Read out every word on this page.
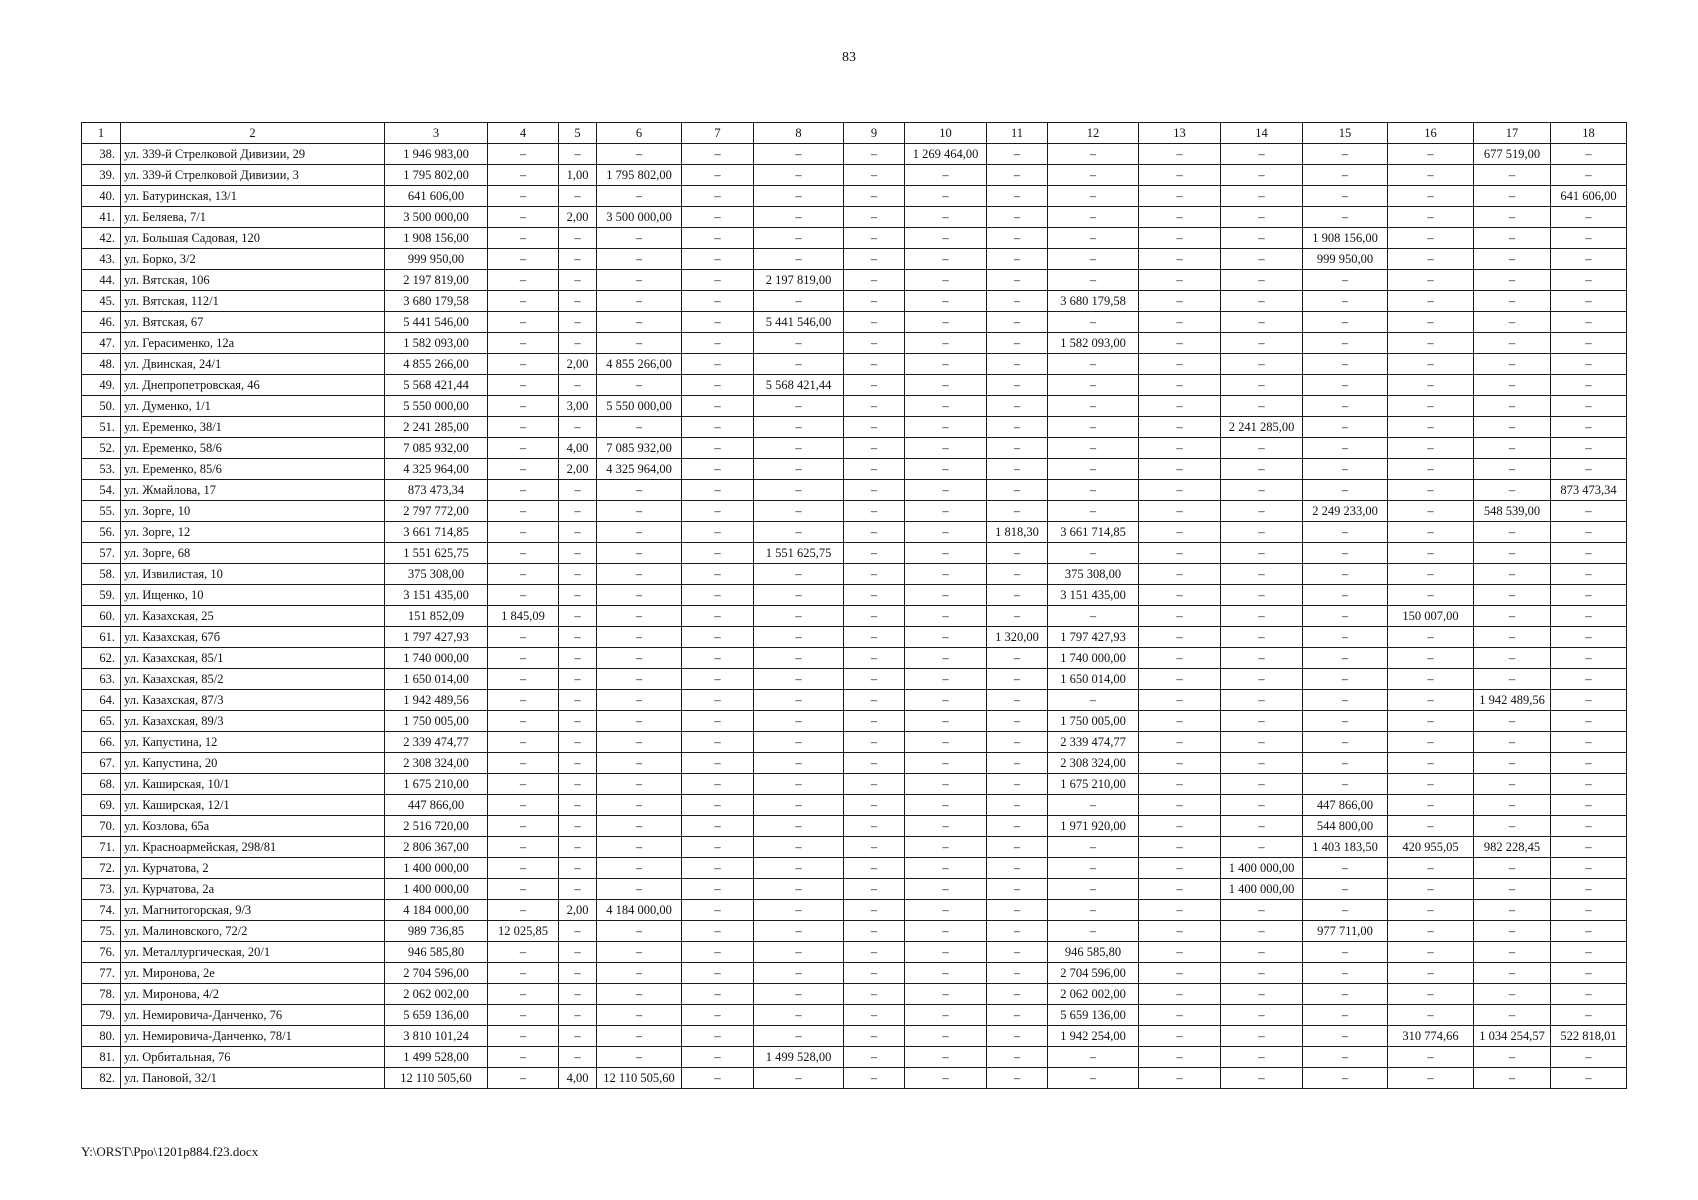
83
1	2	3	4	5	6	7	8	9	10	11	12	13	14	15	16	17	18
38.	ул. 339-й Стрелковой Дивизии, 29	1 946 983,00	–	–	–	–	–	–	1 269 464,00	–	–	–	–	–	–	677 519,00	–
39.	ул. 339-й Стрелковой Дивизии, 3	1 795 802,00	–	1,00	1 795 802,00	–	–	–	–	–	–	–	–	–	–	–	–
40.	ул. Батуринская, 13/1	641 606,00	–	–	–	–	–	–	–	–	–	–	–	–	–	–	641 606,00
41.	ул. Беляева, 7/1	3 500 000,00	–	2,00	3 500 000,00	–	–	–	–	–	–	–	–	–	–	–	–
42.	ул. Большая Садовая, 120	1 908 156,00	–	–	–	–	–	–	–	–	–	–	–	1 908 156,00	–	–	–
43.	ул. Борко, 3/2	999 950,00	–	–	–	–	–	–	–	–	–	–	–	999 950,00	–	–	–
44.	ул. Вятская, 106	2 197 819,00	–	–	–	–	2 197 819,00	–	–	–	–	–	–	–	–	–	–
45.	ул. Вятская, 112/1	3 680 179,58	–	–	–	–	–	–	–	–	3 680 179,58	–	–	–	–	–	–
46.	ул. Вятская, 67	5 441 546,00	–	–	–	–	5 441 546,00	–	–	–	–	–	–	–	–	–	–
47.	ул. Герасименко, 12а	1 582 093,00	–	–	–	–	–	–	–	–	1 582 093,00	–	–	–	–	–	–
48.	ул. Двинская, 24/1	4 855 266,00	–	2,00	4 855 266,00	–	–	–	–	–	–	–	–	–	–	–	–
49.	ул. Днепропетровская, 46	5 568 421,44	–	–	–	–	5 568 421,44	–	–	–	–	–	–	–	–	–	–
50.	ул. Думенко, 1/1	5 550 000,00	–	3,00	5 550 000,00	–	–	–	–	–	–	–	–	–	–	–	–
51.	ул. Еременко, 38/1	2 241 285,00	–	–	–	–	–	–	–	–	–	–	2 241 285,00	–	–	–	–
52.	ул. Еременко, 58/6	7 085 932,00	–	4,00	7 085 932,00	–	–	–	–	–	–	–	–	–	–	–	–
53.	ул. Еременко, 85/6	4 325 964,00	–	2,00	4 325 964,00	–	–	–	–	–	–	–	–	–	–	–	–
54.	ул. Жмайлова, 17	873 473,34	–	–	–	–	–	–	–	–	–	–	–	–	–	–	873 473,34
55.	ул. Зорге, 10	2 797 772,00	–	–	–	–	–	–	–	–	–	–	–	2 249 233,00	–	548 539,00	–
56.	ул. Зорге, 12	3 661 714,85	–	–	–	–	–	–	–	1 818,30	3 661 714,85	–	–	–	–	–	–
57.	ул. Зорге, 68	1 551 625,75	–	–	–	–	1 551 625,75	–	–	–	–	–	–	–	–	–	–
58.	ул. Извилистая, 10	375 308,00	–	–	–	–	–	–	–	–	375 308,00	–	–	–	–	–	–
59.	ул. Ищенко, 10	3 151 435,00	–	–	–	–	–	–	–	–	3 151 435,00	–	–	–	–	–	–
60.	ул. Казахская, 25	151 852,09	1 845,09	–	–	–	–	–	–	–	–	–	–	–	150 007,00	–	–
61.	ул. Казахская, 67б	1 797 427,93	–	–	–	–	–	–	–	1 320,00	1 797 427,93	–	–	–	–	–	–
62.	ул. Казахская, 85/1	1 740 000,00	–	–	–	–	–	–	–	–	1 740 000,00	–	–	–	–	–	–
63.	ул. Казахская, 85/2	1 650 014,00	–	–	–	–	–	–	–	–	1 650 014,00	–	–	–	–	–	–
64.	ул. Казахская, 87/3	1 942 489,56	–	–	–	–	–	–	–	–	–	–	–	–	–	1 942 489,56	–
65.	ул. Казахская, 89/3	1 750 005,00	–	–	–	–	–	–	–	–	1 750 005,00	–	–	–	–	–	–
66.	ул. Капустина, 12	2 339 474,77	–	–	–	–	–	–	–	–	2 339 474,77	–	–	–	–	–	–
67.	ул. Капустина, 20	2 308 324,00	–	–	–	–	–	–	–	–	2 308 324,00	–	–	–	–	–	–
68.	ул. Каширская, 10/1	1 675 210,00	–	–	–	–	–	–	–	–	1 675 210,00	–	–	–	–	–	–
69.	ул. Каширская, 12/1	447 866,00	–	–	–	–	–	–	–	–	–	–	–	447 866,00	–	–	–
70.	ул. Козлова, 65а	2 516 720,00	–	–	–	–	–	–	–	–	1 971 920,00	–	–	544 800,00	–	–	–
71.	ул. Красноармейская, 298/81	2 806 367,00	–	–	–	–	–	–	–	–	–	–	–	1 403 183,50	420 955,05	982 228,45	–
72.	ул. Курчатова, 2	1 400 000,00	–	–	–	–	–	–	–	–	–	–	1 400 000,00	–	–	–	–
73.	ул. Курчатова, 2а	1 400 000,00	–	–	–	–	–	–	–	–	–	–	1 400 000,00	–	–	–	–
74.	ул. Магнитогорская, 9/3	4 184 000,00	–	2,00	4 184 000,00	–	–	–	–	–	–	–	–	–	–	–	–
75.	ул. Малиновского, 72/2	989 736,85	12 025,85	–	–	–	–	–	–	–	–	–	–	977 711,00	–	–	–
76.	ул. Металлургическая, 20/1	946 585,80	–	–	–	–	–	–	–	–	946 585,80	–	–	–	–	–	–
77.	ул. Миронова, 2е	2 704 596,00	–	–	–	–	–	–	–	–	2 704 596,00	–	–	–	–	–	–
78.	ул. Миронова, 4/2	2 062 002,00	–	–	–	–	–	–	–	–	2 062 002,00	–	–	–	–	–	–
79.	ул. Немировича-Данченко, 76	5 659 136,00	–	–	–	–	–	–	–	–	5 659 136,00	–	–	–	–	–	–
80.	ул. Немировича-Данченко, 78/1	3 810 101,24	–	–	–	–	–	–	–	–	1 942 254,00	–	–	–	310 774,66	1 034 254,57	522 818,01
81.	ул. Орбитальная, 76	1 499 528,00	–	–	–	–	1 499 528,00	–	–	–	–	–	–	–	–	–	–
82.	ул. Пановой, 32/1	12 110 505,60	–	4,00	12 110 505,60	–	–	–	–	–	–	–	–	–	–	–	–
Y:\ORST\Ppo\1201p884.f23.docx
